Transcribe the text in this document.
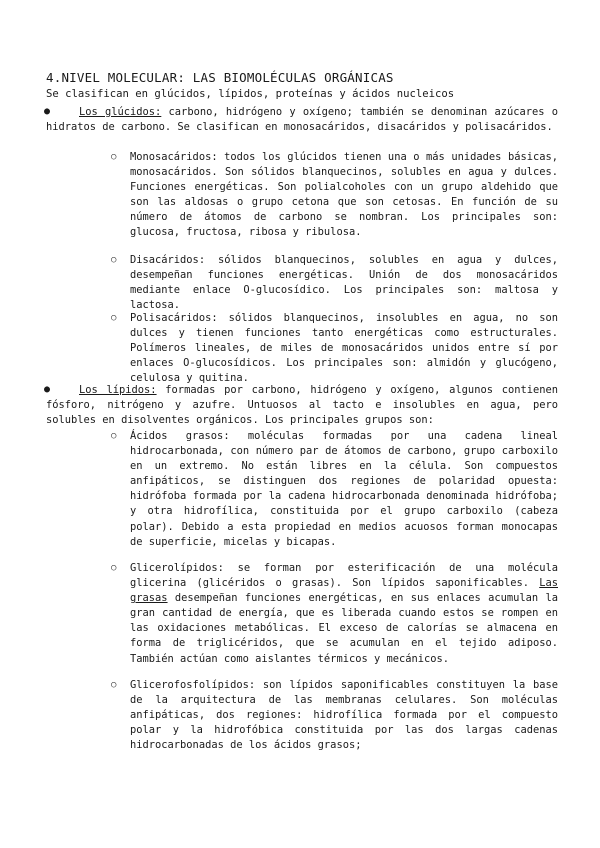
4.NIVEL MOLECULAR: LAS BIOMOLÉCULAS ORGÁNICAS
Se clasifican en glúcidos, lípidos, proteínas y ácidos nucleicos
●	Los glúcidos: carbono, hidrógeno y oxígeno; también se denominan azúcares o hidratos de carbono. Se clasifican en monosacáridos, disacáridos y polisacáridos.

○ Monosacáridos: todos los glúcidos tienen una o más unidades básicas, monosacáridos. Son sólidos blanquecinos, solubles en agua y dulces. Funciones energéticas. Son polialcoholes con un grupo aldehido que son las aldosas o grupo cetona que son cetosas. En función de su número de átomos de carbono se nombran. Los principales son: glucosa, fructosa, ribosa y ribulosa.

○ Disacáridos: sólidos blanquecinos, solubles en agua y dulces, desempeñan funciones energéticas. Unión de dos monosacáridos mediante enlace O-glucosídico. Los principales son: maltosa y lactosa.

○ Polisacáridos: sólidos blanquecinos, insolubles en agua, no son dulces y tienen funciones tanto energéticas como estructurales. Polímeros lineales, de miles de monosacáridos unidos entre sí por enlaces O-glucosídicos. Los principales son: almidón y glucógeno, celulosa y quitina.

●	Los lípidos: formadas por carbono, hidrógeno y oxígeno, algunos contienen fósforo, nitrógeno y azufre. Untuosos al tacto e insolubles en agua, pero solubles en disolventes orgánicos. Los principales grupos son:

○ Ácidos grasos: moléculas formadas por una cadena lineal hidrocarbonada, con número par de átomos de carbono, grupo carboxilo en un extremo. No están libres en la célula. Son compuestos anfipáticos, se distinguen dos regiones de polaridad opuesta: hidrófoba formada por la cadena hidrocarbonada denominada hidrófoba; y otra hidrofílica, constituida por el grupo carboxilo (cabeza polar). Debido a esta propiedad en medios acuosos forman monocapas de superficie, micelas y bicapas.

○ Glicerolípidos: se forman por esterificación de una molécula glicerina (glicéridos o grasas). Son lípidos saponificables. Las grasas desempeñan funciones energéticas, en sus enlaces acumulan la gran cantidad de energía, que es liberada cuando estos se rompen en las oxidaciones metabólicas. El exceso de calorías se almacena en forma de triglicéridos, que se acumulan en el tejido adiposo. También actúan como aislantes térmicos y mecánicos.

○ Glicerofosfolípidos: son lípidos saponificables constituyen la base de la arquitectura de las membranas celulares. Son moléculas anfipáticas, dos regiones: hidrofílica formada por el compuesto polar y la hidrofóbica constituida por las dos largas cadenas hidrocarbonadas de los ácidos grasos;
